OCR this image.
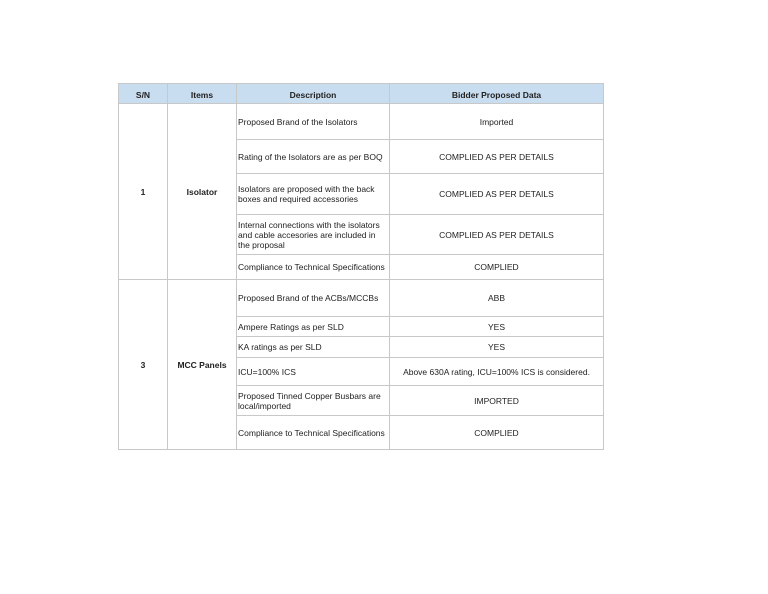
S/N	Items	Description	Bidder Proposed Data
1	Isolator	Proposed Brand of the Isolators	Imported
		Rating of the Isolators are as per BOQ	COMPLIED AS PER DETAILS
		Isolators are proposed with the back boxes and required accessories	COMPLIED AS PER DETAILS
		Internal connections with the isolators and cable accesories are included in the proposal	COMPLIED AS PER DETAILS
		Compliance to Technical Specifications	COMPLIED
3	MCC Panels	Proposed Brand of the ACBs/MCCBs	ABB
		Ampere Ratings as per SLD	YES
		KA ratings as per SLD	YES
		ICU=100% ICS	Above 630A rating, ICU=100% ICS is considered.
		Proposed Tinned Copper Busbars are local/imported	IMPORTED
		Compliance to Technical Specifications	COMPLIED
